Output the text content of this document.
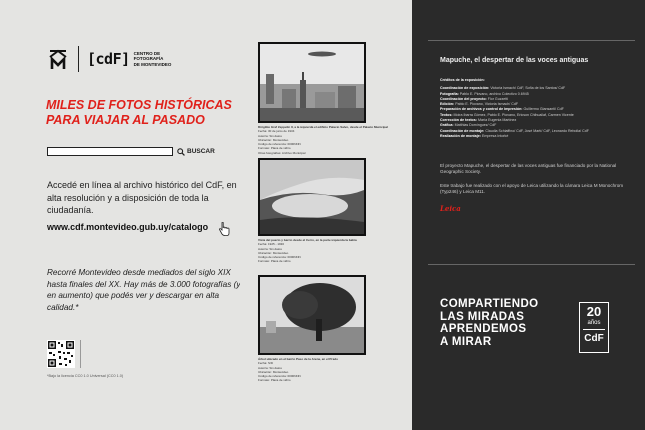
[cdF] CENTRO DE
FOTOGRAFÍA
DE MONTEVIDEO
MILES DE FOTOS HISTÓRICAS
PARA VIAJAR AL PASADO
BUSCAR
Accedé en línea al archivo histórico del CdF, en alta resolución y a disposición de toda la ciudadanía.
www.cdf.montevideo.gub.uy/catalogo
Recorré Montevideo desde mediados del siglo XIX hasta finales del XX. Hay más de 3.000 fotografías (y en aumento) que podés ver y descargar en alta calidad.*
*Bajo la licencia CC0 1.0 Universal (CC0 1.0)
Dirigible Graf Zeppelin II, a la izquierda el edificio Palacio Salvo, desde el Palacio Municipal
Fecha: 30 de junio de 1934
Autor/a: Sin datos
Ubicación: Montevideo
Código de referencia: 0000NNN
Formato: Placa de vidrio
Otras fotografías: Archivo Municipal
Vista del puerto y barrio desde el Cerro, en la parte izquierda la bahía
Fecha: 1925 - 1930
Autor/a: Sin datos
Ubicación: Montevideo
Código de referencia: 0000NNN
Formato: Placa de vidrio
Árbol ubicado en el barrio Paso de la Arena, en el Prado
Fecha: S/D
Autor/a: Sin datos
Ubicación: Montevideo
Código de referencia: 0000NNN
Formato: Placa de vidrio
Mapuche, el despertar de las voces antiguas
Créditos de la exposición:
Coordinación de exposición: Victoria Ismach/ CdF, Sofía de los Santos/ CdF
Fotografía: Pablo E. Piovano, archivo Colectivo 0.6945
Coordinación del proyecto: Flor Guzzetti
Edición: Pablo E. Piovano, Victoria Ismach/ CdF
Preparación de archivos y control de impresión: Guillermo Giansanti/ CdF
Textos: Moira Ibarra Gómez, Pablo E. Piovano, Ericson Chihuailaf, Carmen Vicente
Corrección de textos: María Eugenia Martínez
Gráfica: Matthias Domínguez/ CdF
Coordinación de montaje: Claudia Schiaffino/ CdF, José Martí/ CdF, Leonardo Rebolla/ CdF
Realización de montaje: Empresa Intorké
El proyecto Mapuche, el despertar de las voces antiguas fue financiado por la National Geographic Society.
Este trabajo fue realizado con el apoyo de Leica utilizando la cámara Leica M Monochrom (Typ246) y Leica M11.
Leica
COMPARTIENDO
LAS MIRADAS
APRENDEMOS
A MIRAR
20
años
CdF
